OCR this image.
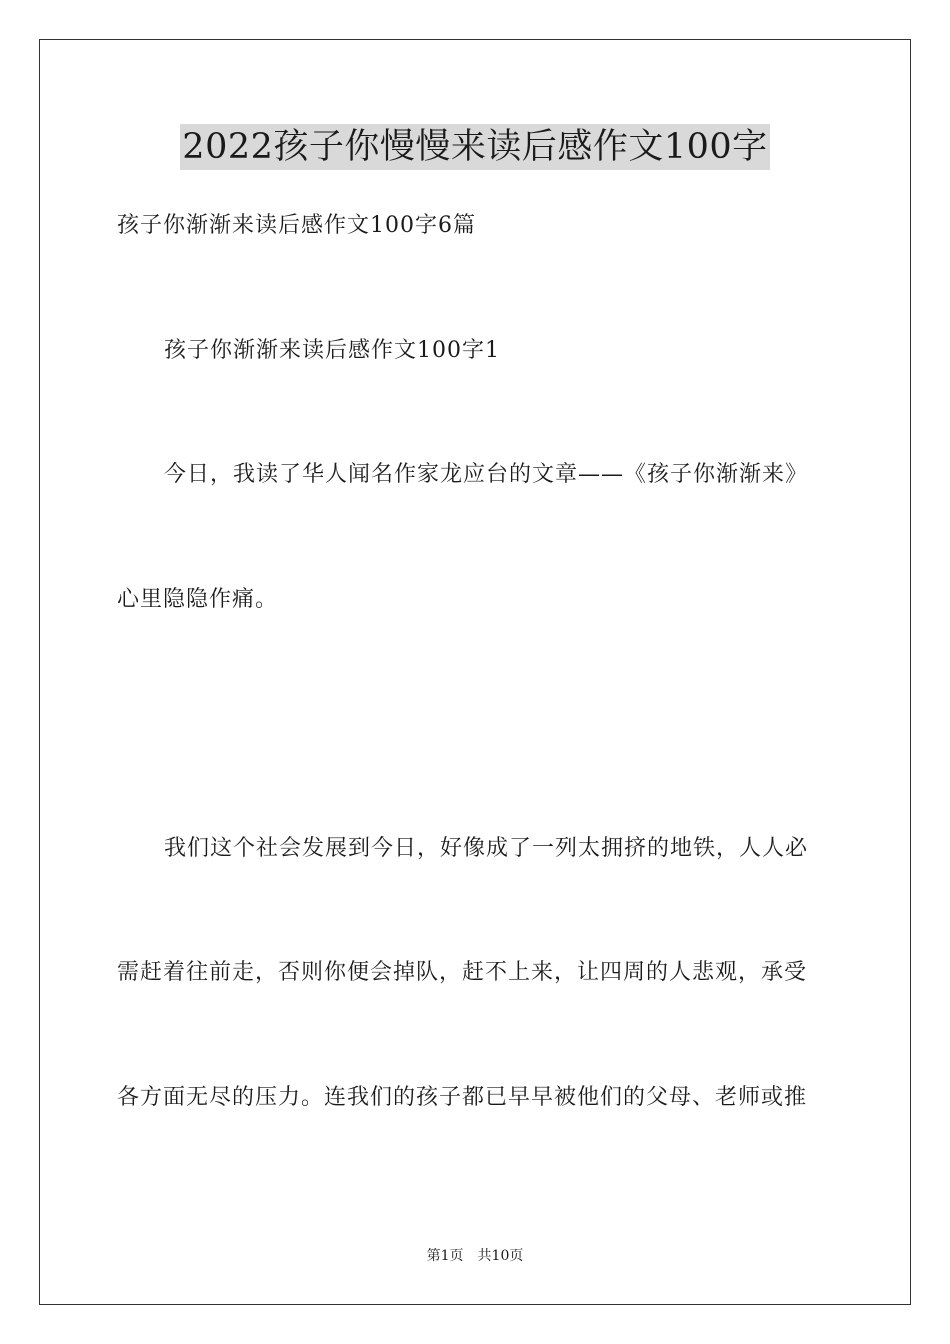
2022孩子你慢慢来读后感作文100字
孩子你渐渐来读后感作文100字6篇
孩子你渐渐来读后感作文100字1
今日，我读了华人闻名作家龙应台的文章——《孩子你渐渐来》
心里隐隐作痛。
我们这个社会发展到今日，好像成了一列太拥挤的地铁，人人必
需赶着往前走，否则你便会掉队，赶不上来，让四周的人悲观，承受
各方面无尽的压力。连我们的孩子都已早早被他们的父母、老师或推
第1页 共10页
